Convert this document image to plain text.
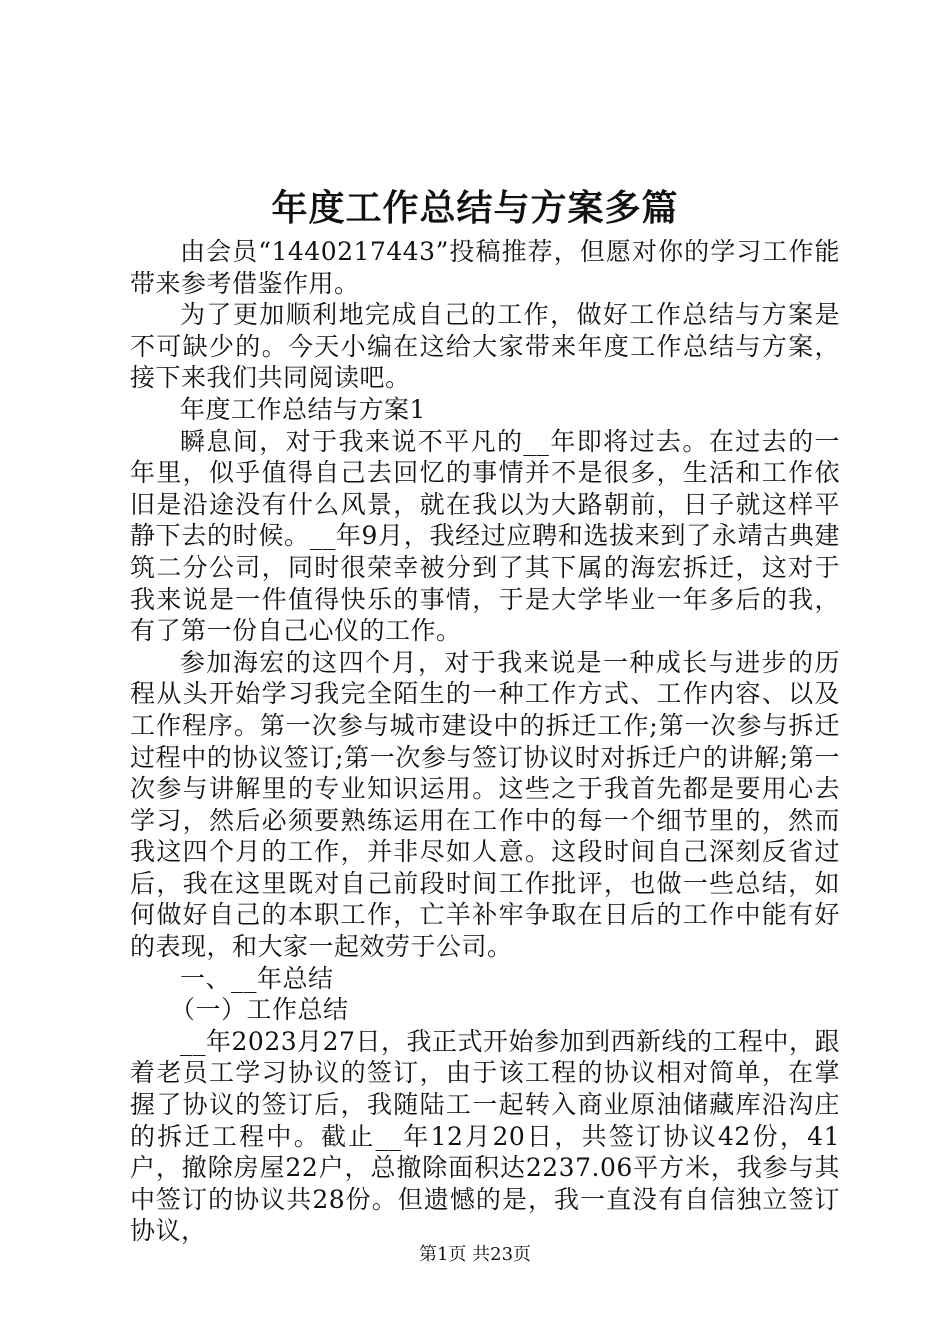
年度工作总结与方案多篇

由会员“1440217443”投稿推荐，但愿对你的学习工作能带来参考借鉴作用。

为了更加顺利地完成自己的工作，做好工作总结与方案是不可缺少的。今天小编在这给大家带来年度工作总结与方案，接下来我们共同阅读吧。

年度工作总结与方案1

瞬息间，对于我来说不平凡的__年即将过去。在过去的一年里，似乎值得自己去回忆的事情并不是很多，生活和工作依旧是沿途没有什么风景，就在我以为大路朝前，日子就这样平静下去的时候。__年9月，我经过应聘和选拔来到了永靖古典建筑二分公司，同时很荣幸被分到了其下属的海宏拆迁，这对于我来说是一件值得快乐的事情，于是大学毕业一年多后的我，有了第一份自己心仪的工作。

参加海宏的这四个月，对于我来说是一种成长与进步的历程从头开始学习我完全陌生的一种工作方式、工作内容、以及工作程序。第一次参与城市建设中的拆迁工作;第一次参与拆迁过程中的协议签订;第一次参与签订协议时对拆迁户的讲解;第一次参与讲解里的专业知识运用。这些之于我首先都是要用心去学习，然后必须要熟练运用在工作中的每一个细节里的，然而我这四个月的工作，并非尽如人意。这段时间自己深刻反省过后，我在这里既对自己前段时间工作批评，也做一些总结，如何做好自己的本职工作，亡羊补牢争取在日后的工作中能有好的表现，和大家一起效劳于公司。

一、__年总结

（一）工作总结

__年2023月27日，我正式开始参加到西新线的工程中，跟着老员工学习协议的签订，由于该工程的协议相对简单，在掌握了协议的签订后，我随陆工一起转入商业原油储藏库沿沟庄的拆迁工程中。截止__年12月20日，共签订协议42份，41户，撤除房屋22户，总撤除面积达2237.06平方米，我参与其中签订的协议共28份。但遗憾的是，我一直没有自信独立签订协议，

第1页 共23页
